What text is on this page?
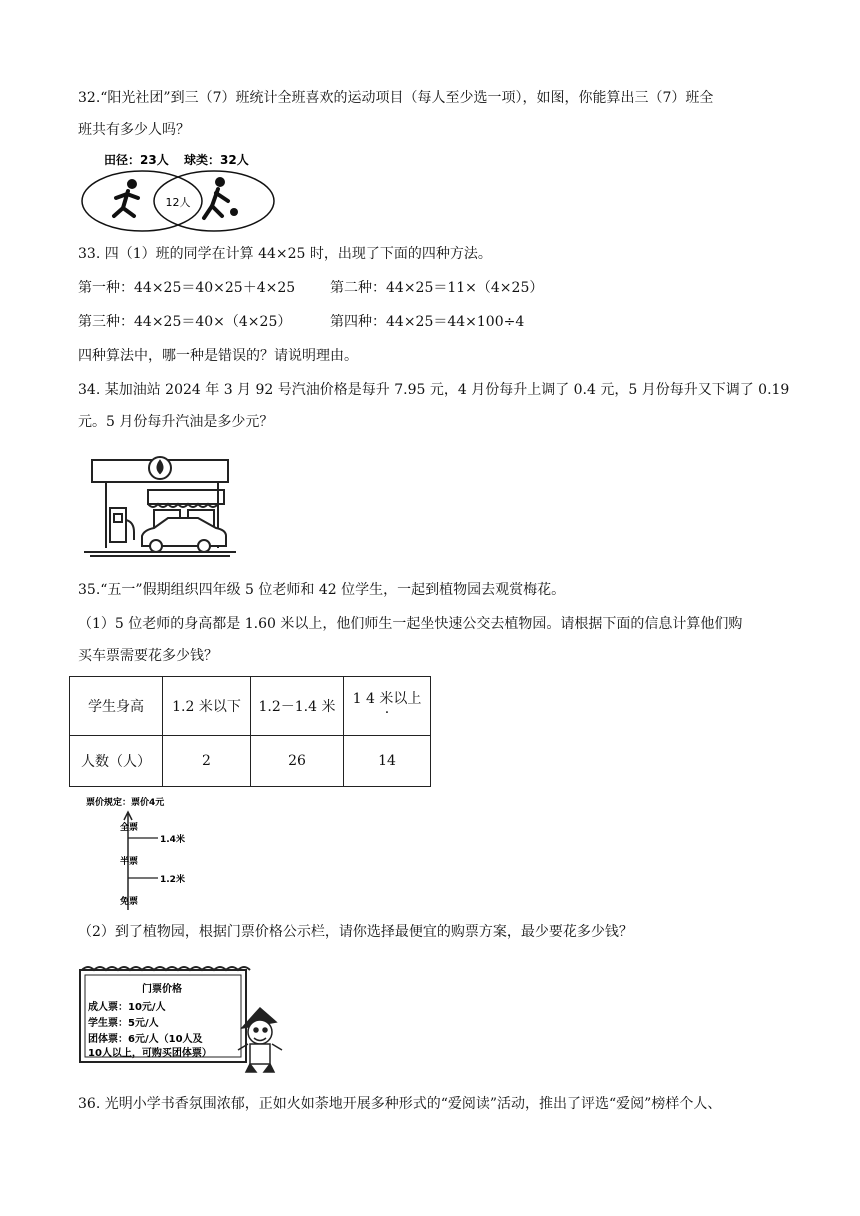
32.“阳光社团”到三（7）班统计全班喜欢的运动项目（每人至少选一项），如图，你能算出三（7）班全
班共有多少人吗？
田径：23人 球类：32人
12人
33. 四（1）班的同学在计算 44×25 时，出现了下面的四种方法。
第一种：44×25＝40×25＋4×25 第二种：44×25＝11×（4×25）
第三种：44×25＝40×（4×25）	第四种：44×25＝44×100÷4
四种算法中，哪一种是错误的？请说明理由。
34. 某加油站 2024 年 3 月 92 号汽油价格是每升 7.95 元，4 月份每升上调了 0.4 元，5 月份每升又下调了 0.19
元。5 月份每升汽油是多少元？
35.“五一”假期组织四年级 5 位老师和 42 位学生，一起到植物园去观赏梅花。
（1）5 位老师的身高都是 1.60 米以上，他们师生一起坐快速公交去植物园。请根据下面的信息计算他们购
买车票需要花多少钱？
学生身高	1.2 米以下	1.2－1.4 米	1 4 米以上
·
人数（人）	2	26	14
票价规定：票价4元
全票
1.4米
半票
1.2米
免票
（2）到了植物园，根据门票价格公示栏，请你选择最便宜的购票方案，最少要花多少钱？
门票价格
成人票：10元/人
学生票：5元/人
团体票：6元/人（10人及
10人以上，可购买团体票）
36. 光明小学书香氛围浓郁，正如火如荼地开展多种形式的“爱阅读”活动，推出了评选“爱阅”榜样个人、
